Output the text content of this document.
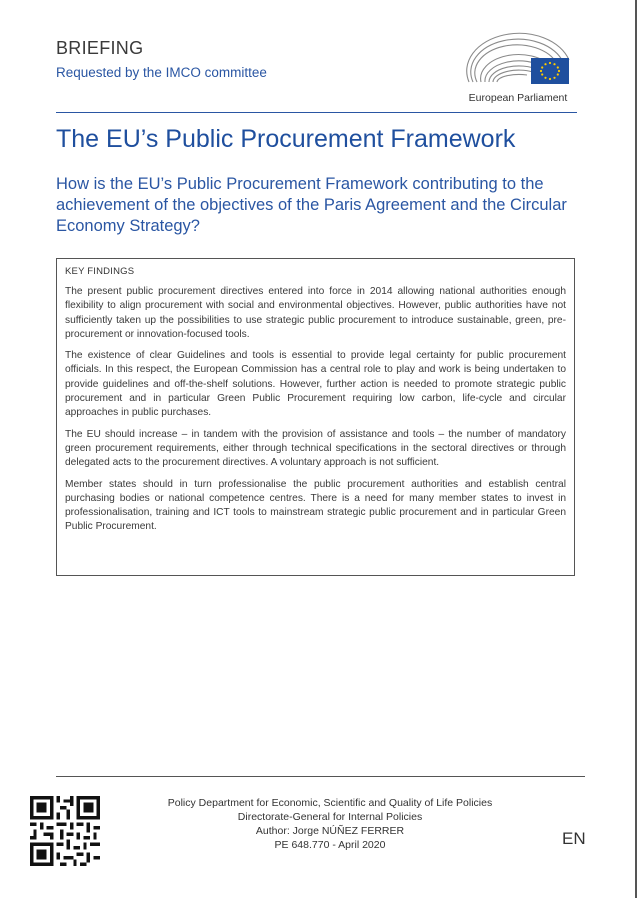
BRIEFING
Requested by the IMCO committee
European Parliament
The EU’s Public Procurement Framework
How is the EU’s Public Procurement Framework contributing to the achievement of the objectives of the Paris Agreement and the Circular Economy Strategy?
KEY FINDINGS

The present public procurement directives entered into force in 2014 allowing national authorities enough flexibility to align procurement with social and environmental objectives. However, public authorities have not sufficiently taken up the possibilities to use strategic public procurement to introduce sustainable, green, pre-procurement or innovation-focused tools.

The existence of clear Guidelines and tools is essential to provide legal certainty for public procurement officials. In this respect, the European Commission has a central role to play and work is being undertaken to provide guidelines and off-the-shelf solutions. However, further action is needed to promote strategic public procurement and in particular Green Public Procurement requiring low carbon, life-cycle and circular approaches in public purchases.

The EU should increase – in tandem with the provision of assistance and tools – the number of mandatory green procurement requirements, either through technical specifications in the sectoral directives or through delegated acts to the procurement directives. A voluntary approach is not sufficient.

Member states should in turn professionalise the public procurement authorities and establish central purchasing bodies or national competence centres. There is a need for many member states to invest in professionalisation, training and ICT tools to mainstream strategic public procurement and in particular Green Public Procurement.

Policy Department for Economic, Scientific and Quality of Life Policies
Directorate-General for Internal Policies
Author: Jorge NÚÑEZ FERRER
PE 648.770 - April 2020	EN
